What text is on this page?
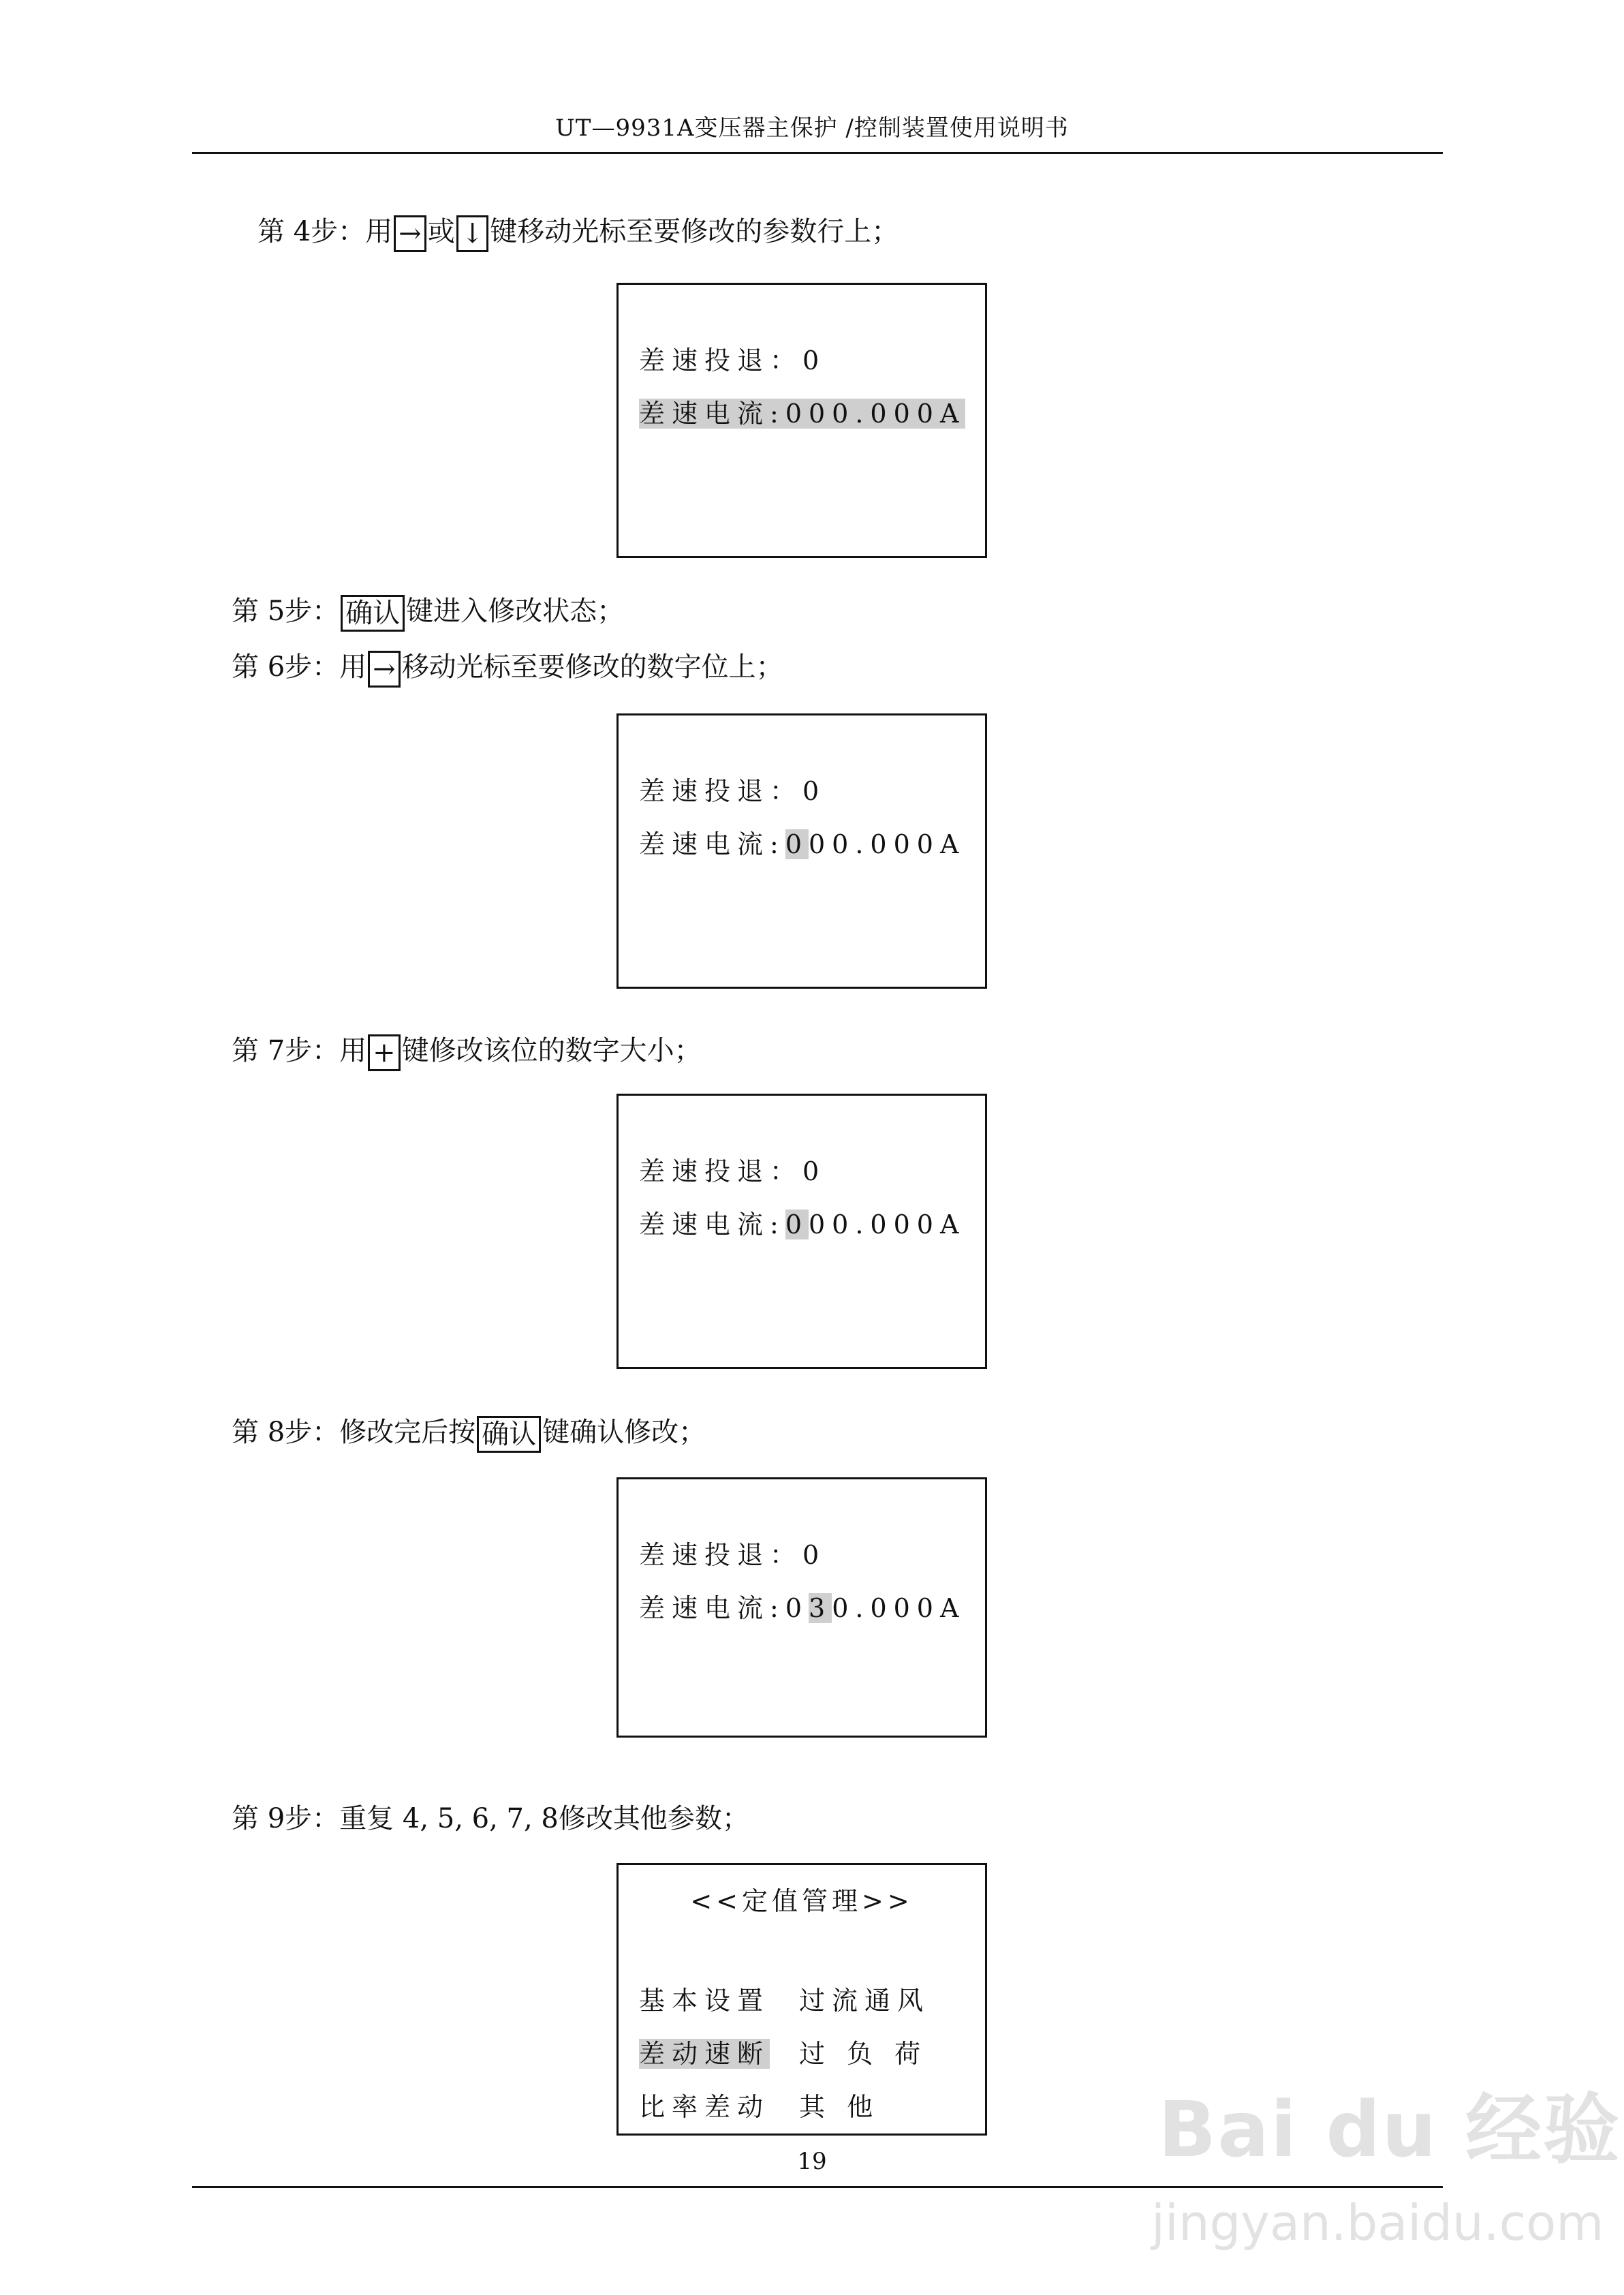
UT—9931A变压器主保护 /控制装置使用说明书
第 4步：用 → 或 ↓ 键移动光标至要修改的参数行上；
差速投退：0
差速电流:000.000A
第 5步： 确认 键进入修改状态；
第 6步：用 → 移动光标至要修改的数字位上；
差速投退：0
差速电流:000.000A
第 7步：用 + 键修改该位的数字大小；
差速投退：0
差速电流:000.000A
第 8步：修改完后按 确认 键确认修改；
差速投退：0
差速电流:030.000A
第 9步：重复 4, 5, 6, 7, 8修改其他参数；
<<定值管理>>
基本设置 过流通风
差动速断 过 负 荷
比率差动 其 他
19	Bai du 经验
jingyan.baidu.com
